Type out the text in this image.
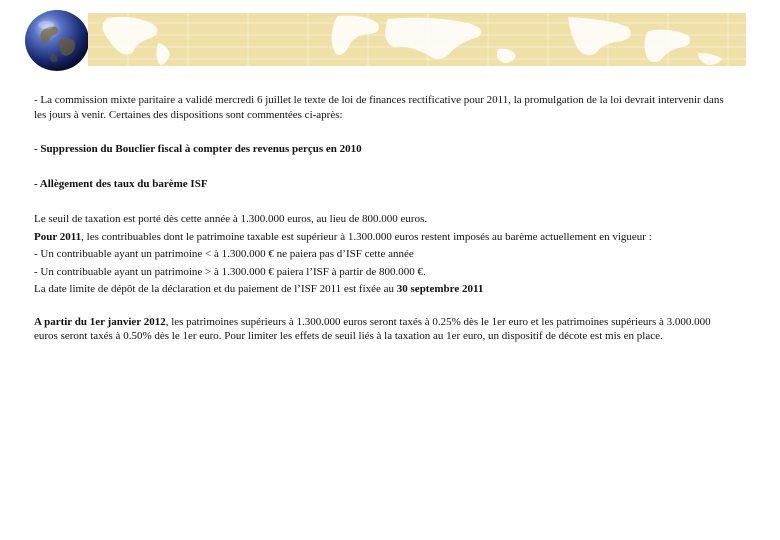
- La commission mixte paritaire a validé mercredi 6 juillet le texte de loi de finances rectificative pour 2011, la promulgation de la loi devrait intervenir dans les jours à venir. Certaines des dispositions sont commentées ci-après:

- Suppression du Bouclier fiscal à compter des revenus perçus en 2010

- Allègement des taux du barème ISF

Le seuil de taxation est porté dès cette année à 1.300.000 euros, au lieu de 800.000 euros.
Pour 2011, les contribuables dont le patrimoine taxable est supérieur à 1.300.000 euros restent imposés au barème actuellement en vigueur :
- Un contribuable ayant un patrimoine < à 1.300.000 € ne paiera pas d’ISF cette année
- Un contribuable ayant un patrimoine > à 1.300.000 € paiera l’ISF à partir de 800.000 €.
La date limite de dépôt de la déclaration et du paiement de l’ISF 2011 est fixée au 30 septembre 2011

A partir du 1er janvier 2012, les patrimoines supérieurs à 1.300.000 euros seront taxés à 0.25% dès le 1er euro et les patrimoines supérieurs à 3.000.000 euros seront taxés à 0.50% dès le 1er euro. Pour limiter les effets de seuil liés à la taxation au 1er euro, un dispositif de décote est mis en place.
